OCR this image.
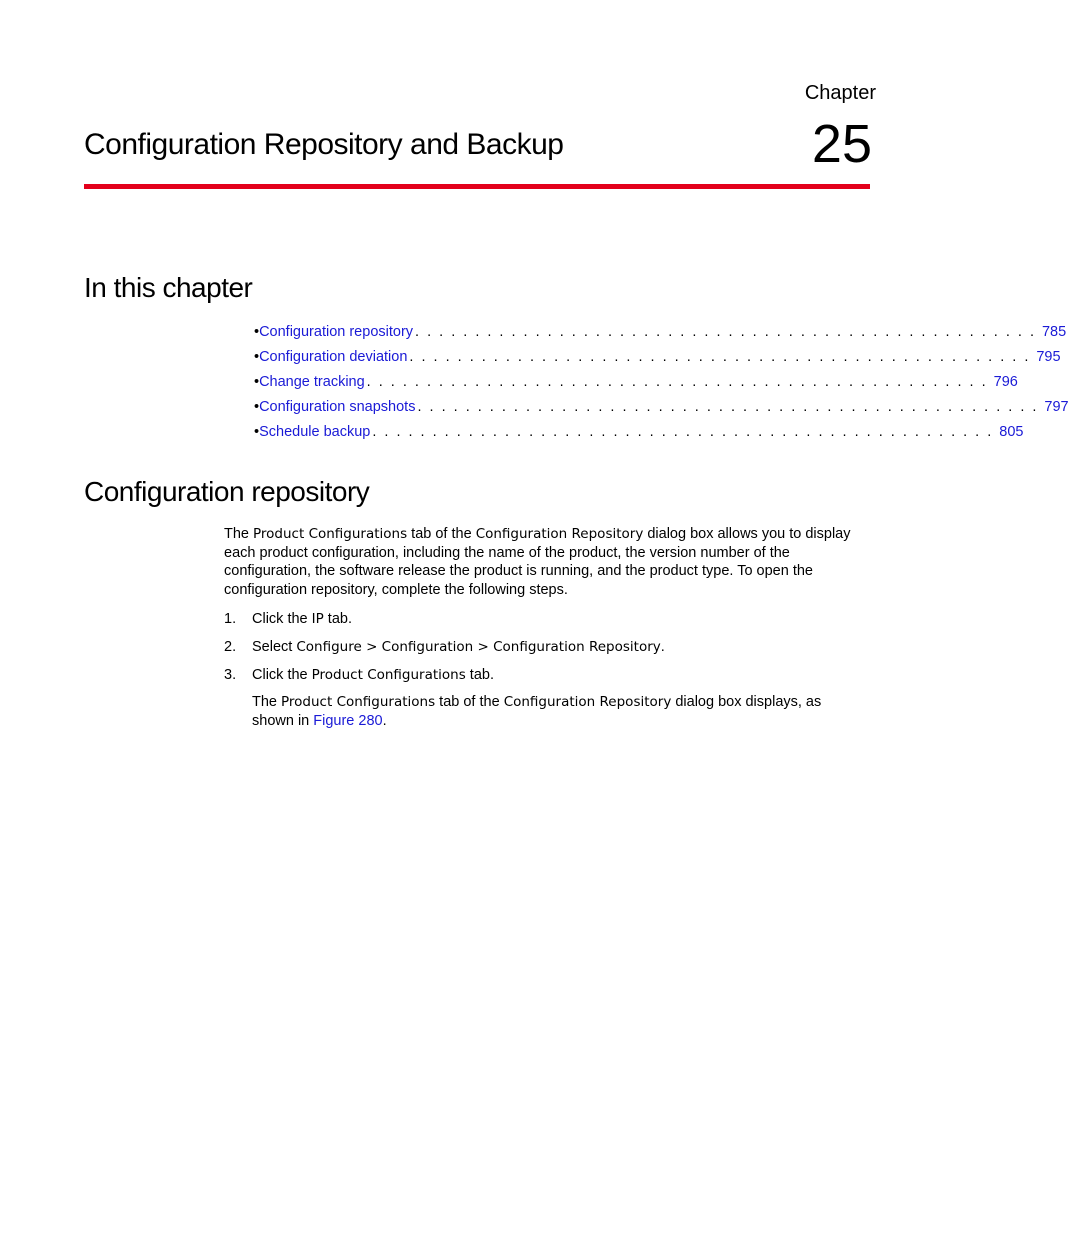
Chapter
25
Configuration Repository and Backup
In this chapter
• Configuration repository . . . . . . . . . . . . . . . . . . . . . . . . . . . . . . . . . . . . . . . . . . . . . . . . . . . . 785
• Configuration deviation . . . . . . . . . . . . . . . . . . . . . . . . . . . . . . . . . . . . . . . . . . . . . . . . . . . . 795
• Change tracking . . . . . . . . . . . . . . . . . . . . . . . . . . . . . . . . . . . . . . . . . . . . . . . . . . . . 796
• Configuration snapshots . . . . . . . . . . . . . . . . . . . . . . . . . . . . . . . . . . . . . . . . . . . . . . . . . . . . 797
• Schedule backup . . . . . . . . . . . . . . . . . . . . . . . . . . . . . . . . . . . . . . . . . . . . . . . . . . . . 805
Configuration repository

The Product Configurations tab of the Configuration Repository dialog box allows you to display each product configuration, including the name of the product, the version number of the configuration, the software release the product is running, and the product type. To open the configuration repository, complete the following steps.

1.	Click the IP tab.
2.	Select Configure > Configuration > Configuration Repository.
3.	Click the Product Configurations tab.

The Product Configurations tab of the Configuration Repository dialog box displays, as shown in Figure 280.
